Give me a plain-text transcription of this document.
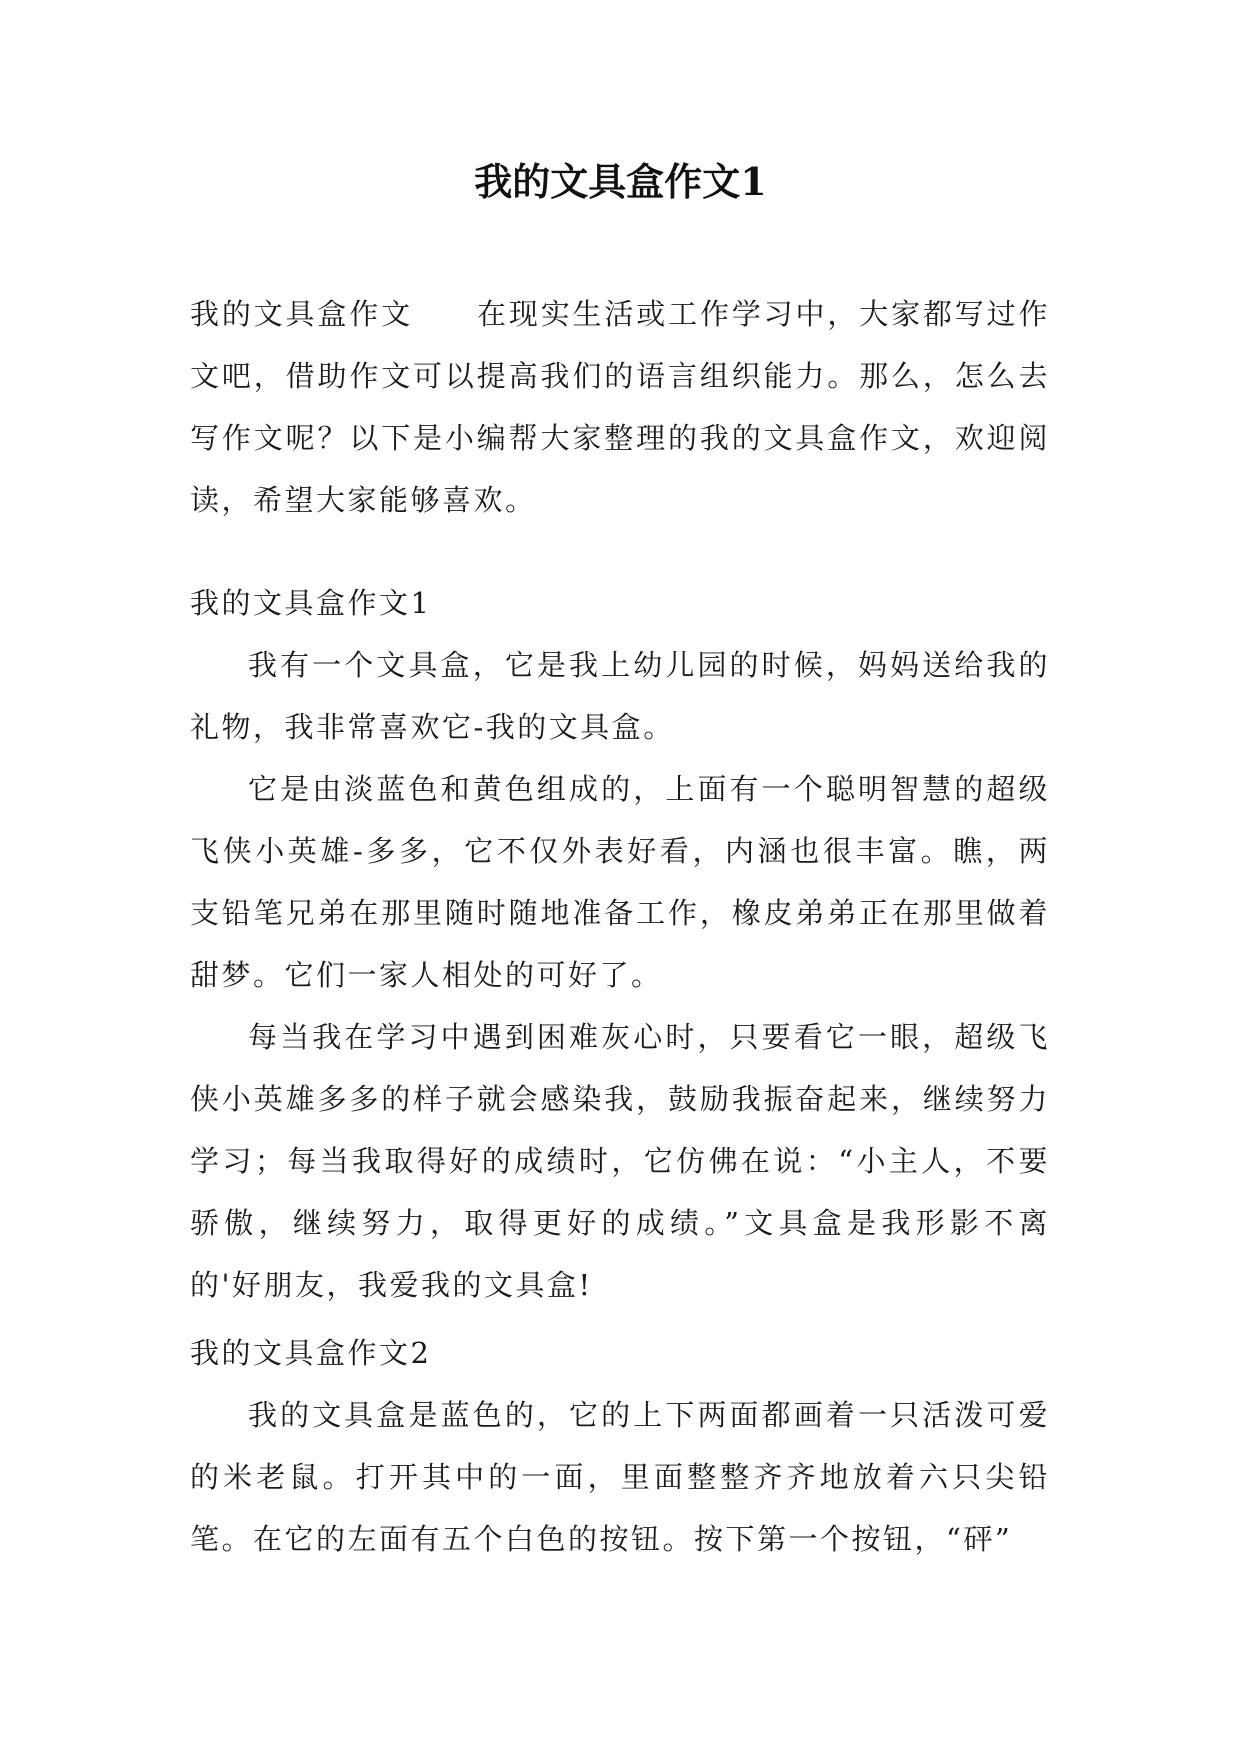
我的文具盒作文1

我的文具盒作文 在现实生活或工作学习中，大家都写过作文吧，借助作文可以提高我们的语言组织能力。那么，怎么去写作文呢？以下是小编帮大家整理的我的文具盒作文，欢迎阅读，希望大家能够喜欢。

我的文具盒作文1

我有一个文具盒，它是我上幼儿园的时候，妈妈送给我的礼物，我非常喜欢它-我的文具盒。

它是由淡蓝色和黄色组成的，上面有一个聪明智慧的超级飞侠小英雄-多多，它不仅外表好看，内涵也很丰富。瞧，两支铅笔兄弟在那里随时随地准备工作，橡皮弟弟正在那里做着甜梦。它们一家人相处的可好了。

每当我在学习中遇到困难灰心时，只要看它一眼，超级飞侠小英雄多多的样子就会感染我，鼓励我振奋起来，继续努力学习；每当我取得好的成绩时，它仿佛在说：“小主人，不要骄傲，继续努力，取得更好的成绩。”文具盒是我形影不离的'好朋友，我爱我的文具盒!

我的文具盒作文2

我的文具盒是蓝色的，它的上下两面都画着一只活泼可爱的米老鼠。打开其中的一面，里面整整齐齐地放着六只尖铅笔。在它的左面有五个白色的按钮。按下第一个按钮，“砰”
